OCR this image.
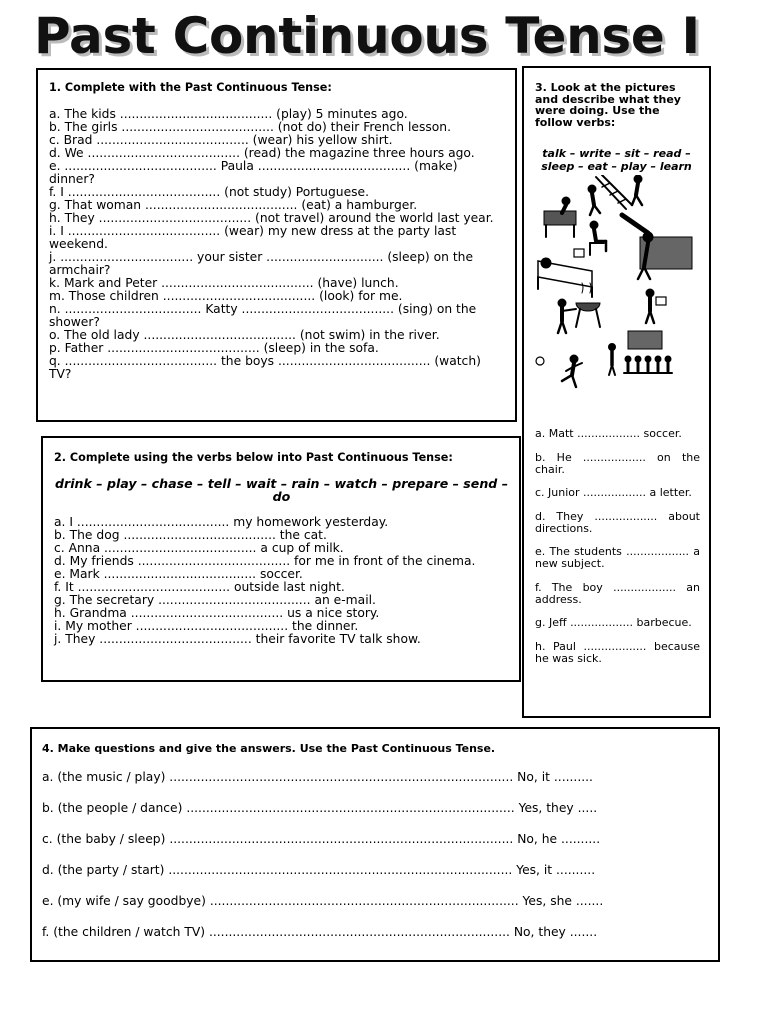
Past Continuous Tense I

1. Complete with the Past Continuous Tense:

a. The kids ....................................... (play) 5 minutes ago.

b. The girls ....................................... (not do) their French lesson.

c. Brad ....................................... (wear) his yellow shirt.

d. We ....................................... (read) the magazine three hours ago.

e. ....................................... Paula ....................................... (make) dinner?

f. I ....................................... (not study) Portuguese.

g. That woman ....................................... (eat) a hamburger.

h. They ....................................... (not travel) around the world last year.

i. I ....................................... (wear) my new dress at the party last weekend.

j. .................................. your sister .............................. (sleep) on the armchair?

k. Mark and Peter ....................................... (have) lunch.

m. Those children ....................................... (look) for me.

n. ................................... Katty ....................................... (sing) on the shower?

o. The old lady ....................................... (not swim) in the river.

p. Father ....................................... (sleep) in the sofa.

q. ....................................... the boys ....................................... (watch) TV?

2. Complete using the verbs below into Past Continuous Tense:

drink – play – chase – tell – wait – rain – watch – prepare – send – do

a. I ....................................... my homework yesterday.

b. The dog ....................................... the cat.

c. Anna ....................................... a cup of milk.

d. My friends ....................................... for me in front of the cinema.

e. Mark ....................................... soccer.

f. It ....................................... outside last night.

g. The secretary ....................................... an e-mail.

h. Grandma ....................................... us a nice story.

i. My mother ....................................... the dinner.

j. They ....................................... their favorite TV talk show.

3. Look at the pictures and describe what they were doing. Use the follow verbs:

talk – write – sit – read – sleep – eat – play – learn

a. Matt .................. soccer.

b. He .................. on the chair.

c. Junior .................. a letter.

d. They .................. about directions.

e. The students .................. a new subject.

f. The boy .................. an address.

g. Jeff .................. barbecue.

h. Paul .................. because he was sick.

4. Make questions and give the answers. Use the Past Continuous Tense.

a. (the music / play) ........................................................................................ No, it ..........

b. (the people / dance) .................................................................................... Yes, they .....

c. (the baby / sleep) ........................................................................................ No, he ..........

d. (the party / start) ........................................................................................ Yes, it ..........

e. (my wife / say goodbye) ............................................................................... Yes, she .......

f. (the children / watch TV) ............................................................................. No, they .......
